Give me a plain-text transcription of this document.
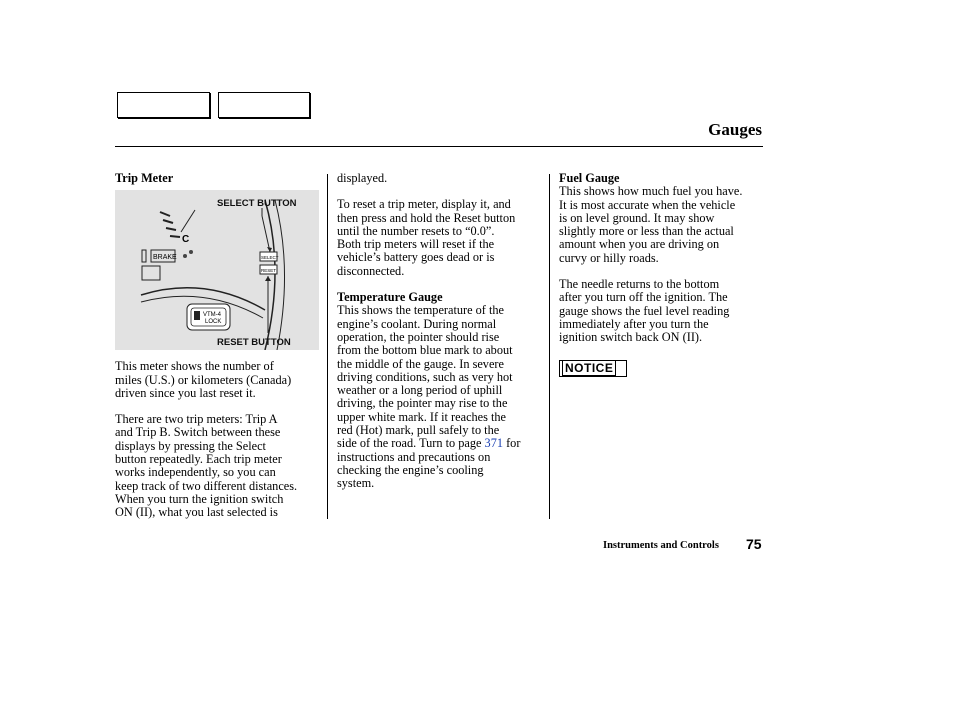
Gauges
Trip Meter
C
BRAKE	SELECT
RESET
VTM-4
LOCK
SELECT BUTTON
RESET BUTTON

This meter shows the number of
miles (U.S.) or kilometers (Canada)
driven since you last reset it.

There are two trip meters: Trip A
and Trip B. Switch between these
displays by pressing the Select
button repeatedly. Each trip meter
works independently, so you can
keep track of two different distances.
When you turn the ignition switch
ON (II), what you last selected is

displayed.

To reset a trip meter, display it, and
then press and hold the Reset button
until the number resets to “0.0”.
Both trip meters will reset if the
vehicle’s battery goes dead or is
disconnected.

Temperature Gauge

This shows the temperature of the
engine’s coolant. During normal
operation, the pointer should rise
from the bottom blue mark to about
the middle of the gauge. In severe
driving conditions, such as very hot
weather or a long period of uphill
driving, the pointer may rise to the
upper white mark. If it reaches the
red (Hot) mark, pull safely to the
side of the road. Turn to page 371 for
instructions and precautions on
checking the engine’s cooling
system.

Fuel Gauge

This shows how much fuel you have.
It is most accurate when the vehicle
is on level ground. It may show
slightly more or less than the actual
amount when you are driving on
curvy or hilly roads.

The needle returns to the bottom
after you turn off the ignition. The
gauge shows the fuel level reading
immediately after you turn the
ignition switch back ON (II).

NOTICE
Instruments and Controls 75
